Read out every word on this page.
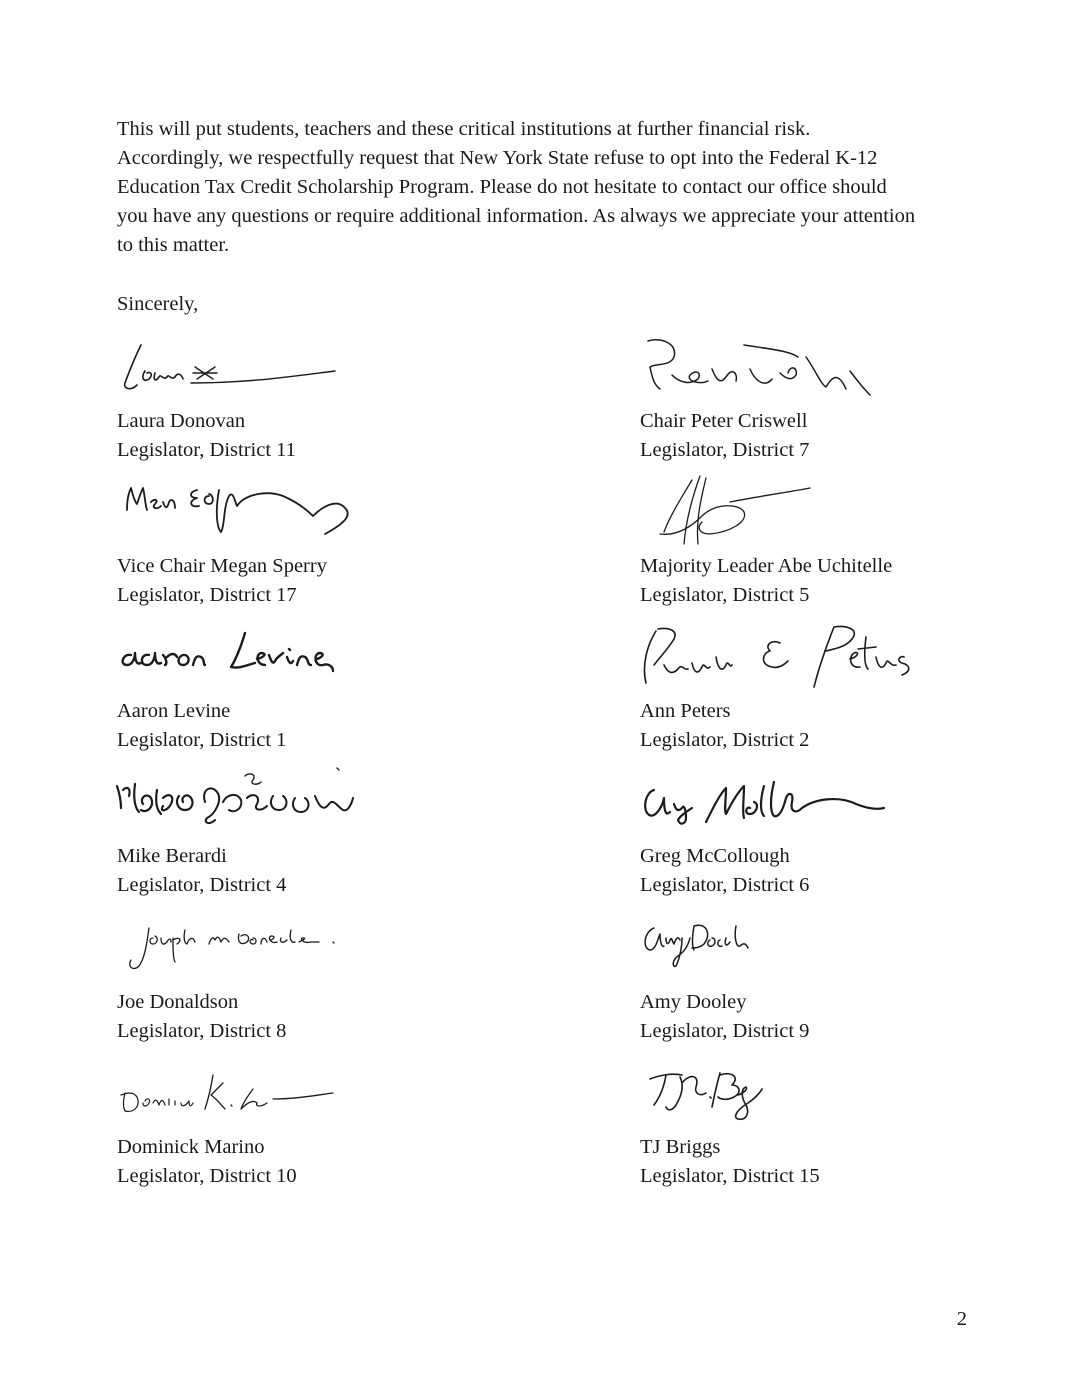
This will put students, teachers and these critical institutions at further financial risk.
Accordingly, we respectfully request that New York State refuse to opt into the Federal K-12
Education Tax Credit Scholarship Program. Please do not hesitate to contact our office should
you have any questions or require additional information. As always we appreciate your attention
to this matter.
Sincerely,
Laura Donovan
Legislator, District 11
Chair Peter Criswell
Legislator, District 7
Vice Chair Megan Sperry
Legislator, District 17
Majority Leader Abe Uchitelle
Legislator, District 5
Aaron Levine
Legislator, District 1
Ann Peters
Legislator, District 2
Mike Berardi
Legislator, District 4
Greg McCollough
Legislator, District 6
Joe Donaldson
Legislator, District 8
Amy Dooley
Legislator, District 9
Dominick Marino
Legislator, District 10
TJ Briggs
Legislator, District 15
2
